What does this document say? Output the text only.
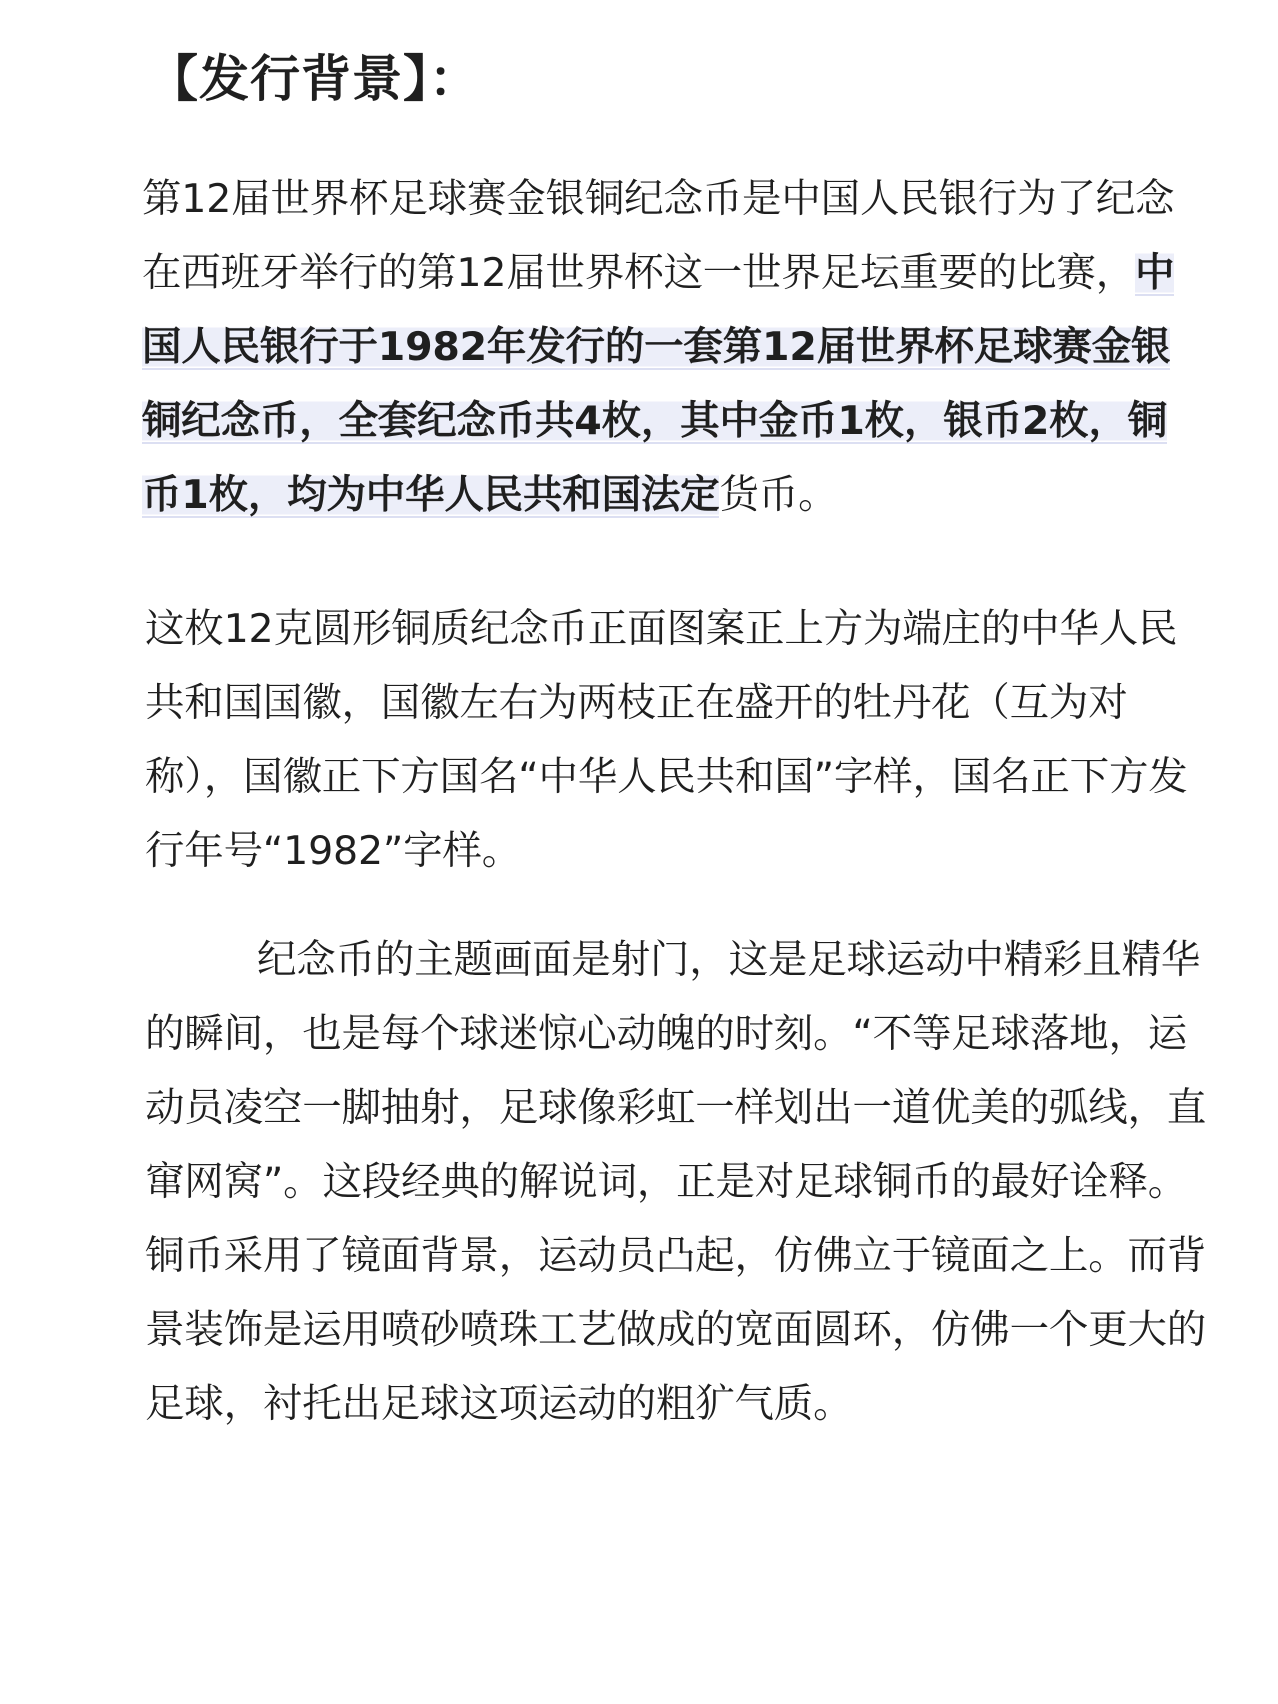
【发行背景】：

第12届世界杯足球赛金银铜纪念币是中国人民银行为了纪念在西班牙举行的第12届世界杯这一世界足坛重要的比赛，中国人民银行于1982年发行的一套第12届世界杯足球赛金银铜纪念币，全套纪念币共4枚，其中金币1枚，银币2枚，铜币1枚，均为中华人民共和国法定货币。

这枚12克圆形铜质纪念币正面图案正上方为端庄的中华人民共和国国徽，国徽左右为两枝正在盛开的牡丹花（互为对称），国徽正下方国名“中华人民共和国”字样，国名正下方发行年号“1982”字样。

纪念币的主题画面是射门，这是足球运动中精彩且精华的瞬间，也是每个球迷惊心动魄的时刻。“不等足球落地，运动员凌空一脚抽射，足球像彩虹一样划出一道优美的弧线，直窜网窝”。这段经典的解说词，正是对足球铜币的最好诠释。铜币采用了镜面背景，运动员凸起，仿佛立于镜面之上。而背景装饰是运用喷砂喷珠工艺做成的宽面圆环，仿佛一个更大的足球，衬托出足球这项运动的粗犷气质。
